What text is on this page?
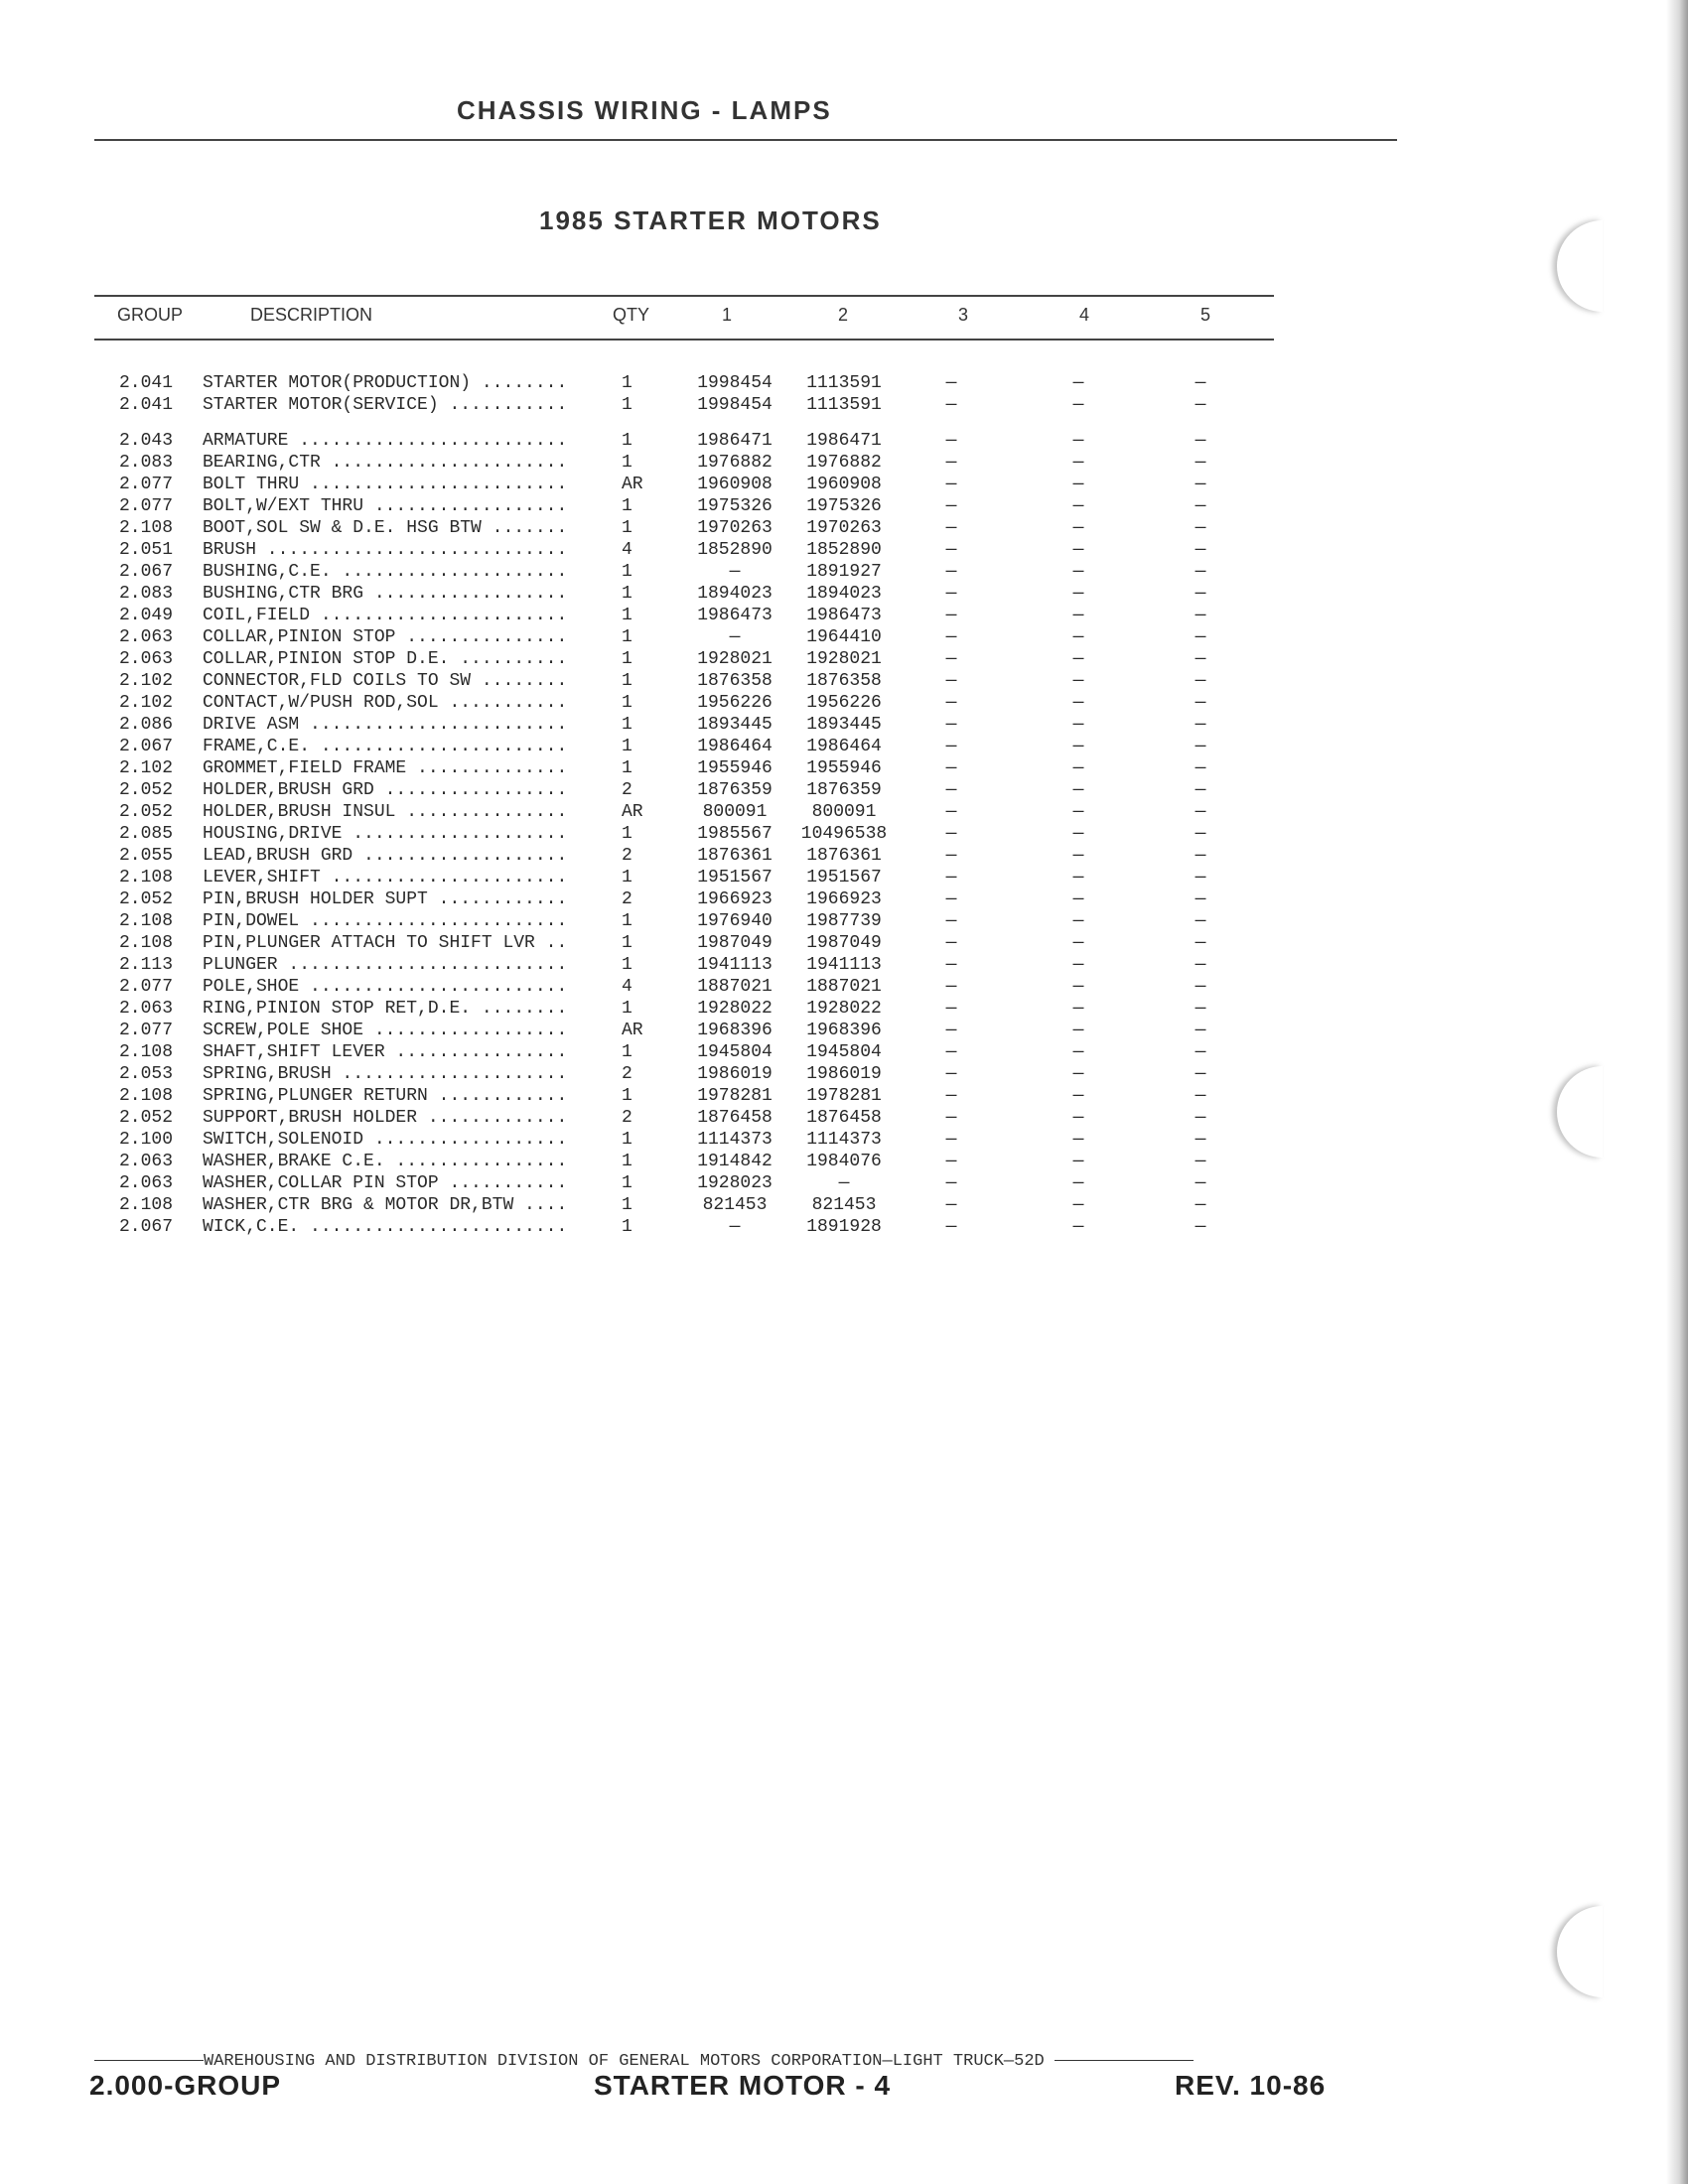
CHASSIS WIRING - LAMPS
1985 STARTER MOTORS
GROUP	DESCRIPTION	QTY	1	2	3	4	5
2.041 STARTER MOTOR(PRODUCTION) ........	1	1998454	1113591	—	—	—
2.041 STARTER MOTOR(SERVICE) ...........	1	1998454	1113591	—	—	—
2.043 ARMATURE .........................	1	1986471	1986471	—	—	—
2.083 BEARING,CTR ......................	1	1976882	1976882	—	—	—
2.077 BOLT THRU ........................	AR	1960908	1960908	—	—	—
2.077 BOLT,W/EXT THRU ..................	1	1975326	1975326	—	—	—
2.108 BOOT,SOL SW & D.E. HSG BTW .......	1	1970263	1970263	—	—	—
2.051 BRUSH ............................	4	1852890	1852890	—	—	—
2.067 BUSHING,C.E. .....................	1	—	1891927	—	—	—
2.083 BUSHING,CTR BRG ..................	1	1894023	1894023	—	—	—
2.049 COIL,FIELD .......................	1	1986473	1986473	—	—	—
2.063 COLLAR,PINION STOP ...............	1	—	1964410	—	—	—
2.063 COLLAR,PINION STOP D.E. ..........	1	1928021	1928021	—	—	—
2.102 CONNECTOR,FLD COILS TO SW ........	1	1876358	1876358	—	—	—
2.102 CONTACT,W/PUSH ROD,SOL ...........	1	1956226	1956226	—	—	—
2.086 DRIVE ASM ........................	1	1893445	1893445	—	—	—
2.067 FRAME,C.E. .......................	1	1986464	1986464	—	—	—
2.102 GROMMET,FIELD FRAME ..............	1	1955946	1955946	—	—	—
2.052 HOLDER,BRUSH GRD .................	2	1876359	1876359	—	—	—
2.052 HOLDER,BRUSH INSUL ...............	AR	800091	800091	—	—	—
2.085 HOUSING,DRIVE ....................	1	1985567	10496538	—	—	—
2.055 LEAD,BRUSH GRD ...................	2	1876361	1876361	—	—	—
2.108 LEVER,SHIFT ......................	1	1951567	1951567	—	—	—
2.052 PIN,BRUSH HOLDER SUPT ............	2	1966923	1966923	—	—	—
2.108 PIN,DOWEL ........................	1	1976940	1987739	—	—	—
2.108 PIN,PLUNGER ATTACH TO SHIFT LVR ..	1	1987049	1987049	—	—	—
2.113 PLUNGER ..........................	1	1941113	1941113	—	—	—
2.077 POLE,SHOE ........................	4	1887021	1887021	—	—	—
2.063 RING,PINION STOP RET,D.E. ........	1	1928022	1928022	—	—	—
2.077 SCREW,POLE SHOE ..................	AR	1968396	1968396	—	—	—
2.108 SHAFT,SHIFT LEVER ................	1	1945804	1945804	—	—	—
2.053 SPRING,BRUSH .....................	2	1986019	1986019	—	—	—
2.108 SPRING,PLUNGER RETURN ............	1	1978281	1978281	—	—	—
2.052 SUPPORT,BRUSH HOLDER .............	2	1876458	1876458	—	—	—
2.100 SWITCH,SOLENOID ..................	1	1114373	1114373	—	—	—
2.063 WASHER,BRAKE C.E. ................	1	1914842	1984076	—	—	—
2.063 WASHER,COLLAR PIN STOP ...........	1	1928023	—	—	—	—
2.108 WASHER,CTR BRG & MOTOR DR,BTW ....	1	821453	821453	—	—	—
2.067 WICK,C.E. ........................	1	—	1891928	—	—	—
WAREHOUSING AND DISTRIBUTION DIVISION OF GENERAL MOTORS CORPORATION—LIGHT TRUCK—52D
2.000-GROUP	STARTER MOTOR - 4	REV. 10-86
